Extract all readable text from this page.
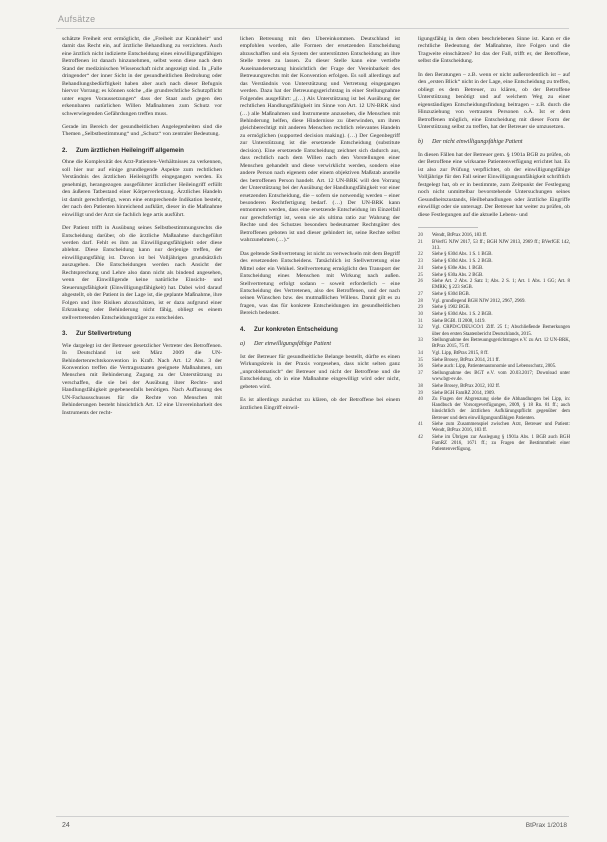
Aufsätze

schätzte Freiheit erst ermöglicht, die „Freiheit zur Krankheit“ und damit das Recht ein, auf ärztliche Behandlung zu verzichten. Auch eine ärztlich nicht indizierte Entscheidung eines einwilligungsfähigen Betroffenen ist danach hinzunehmen, selbst wenn diese nach dem Stand der medizinischen Wissenschaft nicht angezeigt sind. In „Falle dringender“ der inner Sicht in der gesundheitlichen Bedrohung oder Behandlungsbedürftigkeit haben aber auch nach dieser Befugnis hiervor Vorrang; es können solche „die grundrechtliche Schutzpflicht unter engen Voraussetzungen“ dass der Staat auch gegen den erkennbaren natürlichen Willen Maßnahmen zum Schutz vor schwerwiegenden Gefährdungen treffen muss.

Gerade im Bereich der gesundheitlichen Angelegenheiten sind die Themen „Selbstbestimmung“ und „Schutz“ von zentraler Bedeutung.

2. Zum ärztlichen Heileingriff allgemein

Ohne die Komplexität des Arzt-Patienten-Verhältnisses zu verkennen, soll hier nur auf einige grundlegende Aspekte zum rechtlichen Verständnis des ärztlichen Heileingriffs eingegangen werden. Es genehmigt, herangezogen ausgeführter ärztlicher Heileingriff erfüllt den äußeren Tatbestand einer Körperverletzung. Ärztliches Handeln ist damit gerechtfertigt, wenn eine entsprechende Indikation besteht, der nach den Patienten hinreichend aufklärt, dieser in die Maßnahme einwilligt und der Arzt sie fachlich lege artis ausführt.

Der Patient trifft in Ausübung seines Selbstbestimmungsrechts die Entscheidung darüber, ob die ärztliche Maßnahme durchgeführt werden darf. Fehlt es ihm an Einwilligungsfähigkeit oder diese ablehnt. Diese Entscheidung kann nur derjenige treffen, der einwilligungsfähig ist. Davon ist bei Volljährigen grundsätzlich auszugehen. Die Entscheidungen werden nach Ansicht der Rechtsprechung und Lehre also dann nicht als bindend angesehen, wenn der Einwilligende keine natürliche Einsicht- und Steuerungsfähigkeit (Einwilligungsfähigkeit) hat. Dabei wird darauf abgestellt, ob der Patient in der Lage ist, die geplante Maßnahme, ihre Folgen und ihre Risiken abzuschätzen, ist er dazu aufgrund einer Erkrankung oder Behinderung nicht fähig, obliegt es einem stellvertretenden Entscheidungsträger zu entscheiden.

3. Zur Stellvertretung

Wie dargelegt ist der Betreuer gesetzlicher Vertreter des Betroffenen. In Deutschland ist seit März 2009 die UN-Behindertenrechtskonvention in Kraft. Nach Art. 12 Abs. 3 der Konvention treffen die Vertragsstaaten geeignete Maßnahmen, um Menschen mit Behinderung Zugang zu der Unterstützung zu verschaffen, die sie bei der Ausübung ihrer Rechts- und Handlungsfähigkeit gegebenenfalls benötigen. Nach Auffassung des UN-Fachausschusses für die Rechte von Menschen mit Behinderungen besteht hinsichtlich Art. 12 eine Unvereinbarkeit des Instruments der recht-

lichen Betreuung mit den Übereinkommen. Deutschland ist empfohlen worden, alle Formen der ersetzenden Entscheidung abzuschaffen und ein System der unterstützten Entscheidung an ihre Stelle treten zu lassen. Zu dieser Stelle kann eine vertiefte Auseinandersetzung hinsichtlich der Frage der Vereinbarkeit des Betreuungsrechts mit der Konvention erfolgen. Es soll allerdings auf das Verständnis von Unterstützung und Vertretung eingegangen werden. Dazu hat der Betreuungsgerichtstag in einer Stellungnahme Folgendes ausgeführt: „(…) Als Unterstützung ist bei Ausübung der rechtlichen Handlungsfähigkeit im Sinne von Art. 12 UN-BRK sind (…) alle Maßnahmen und Instrumente anzusehen, die Menschen mit Behinderung helfen, diese Hindernisse zu überwinden, um ihren gleichberechtigt mit anderen Menschen rechtlich relevantes Handeln zu ermöglichen (supported decision making). (…) Der Gegenbegriff zur Unterstützung ist die ersetzende Entscheidung (substitute decision). Eine ersetzende Entscheidung zeichnet sich dadurch aus, dass rechtlich nach dem Willen nach den Vorstellungen einer Menschen gehandelt und diese verwirklicht werden, sondern eine andere Person nach eigenem oder einem objektiven Maßstab anstelle des betroffenen Person handelt. Art. 12 UN-BRK will den Vorrang der Unterstützung bei der Ausübung der Handlungsfähigkeit vor einer ersetzenden Entscheidung, die – sofern sie notwendig werden – einer besonderen Rechtfertigung bedarf. (…) Der UN-BRK kann entnommen werden, dass eine ersetzende Entscheidung im Einzelfall nur gerechtfertigt ist, wenn sie als ultima ratio zur Wahrung der Rechte und des Schutzes besonders bedeutsamer Rechtsgüter des Betroffenen geboten ist und dieser gehindert ist, seine Rechte selbst wahrzunehmen (…).“

Das geltende Stellvertretung ist nicht zu verwechseln mit dem Begriff des ersetzenden Entscheidens. Tatsächlich ist Stellvertretung eine Mittel oder ein Vehikel. Stellvertretung ermöglicht den Transport der Entscheidung eines Menschen mit Wirkung nach außen. Stellvertretung erfolgt sodann – soweit erforderlich – eine Entscheidung des Vertretenen, also des Betroffenen, und der nach seinen Wünschen bzw. des mutmaßlichen Willens. Damit gilt es zu fragen, was das für konkrete Entscheidungen im gesundheitlichen Bereich bedeutet.

4. Zur konkreten Entscheidung
a) Der einwilligungsfähige Patient

Ist der Betreuer für gesundheitliche Belange bestellt, dürfte es einen Wirkungskreis in der Praxis vorgesehen, dass nicht selten ganz „unproblematisch“ der Betreuer und nicht der Betroffene und die Entscheidung, ob in eine Maßnahme eingewilligt wird oder nicht, gebeten wird.

Es ist allerdings zunächst zu klären, ob der Betroffene bei einem ärztlichen Eingriff einwil-

ligungsfähig in dem oben beschriebenen Sinne ist. Kann er die rechtliche Bedeutung der Maßnahme, ihre Folgen und die Tragweite einschätzen? Ist das der Fall, trifft er, der Betroffene, selbst die Entscheidung.

In den Beratungen – z.B. wenn er nicht außerordentlich ist – auf den „ersten Blick“ nicht in der Lage, eine Entscheidung zu treffen, obliegt es dem Betreuer, zu klären, ob der Betroffene Unterstützung benötigt und auf welchem Weg zu einer eigenständigen Entscheidungsfindung beitragen – z.B. durch die Hinzuziehung von vertrauten Personen o.Ä. Ist er dem Betroffenen möglich, eine Entscheidung mit dieser Form der Unterstützung selbst zu treffen, hat der Betreuer sie umzusetzen.

b) Der nicht einwilligungsfähige Patient

In diesen Fällen hat der Betreuer gem. § 1901a BGB zu prüfen, ob der Betroffene eine wirksame Patientenverfügung errichtet hat. Es ist also zur Prüfung verpflichtet, ob der einwilligungsfähige Volljährige für den Fall seiner Einwilligungsunfähigkeit schriftlich festgelegt hat, ob er in bestimmte, zum Zeitpunkt der Festlegung noch nicht unmittelbar bevorstehende Untersuchungen seines Gesundheitszustands, Heilbehandlungen oder ärztliche Eingriffe einwilligt oder sie untersagt. Der Betreuer hat weiter zu prüfen, ob diese Festlegungen auf die aktuelle Lebens- und

20	Wendt, BtPrax 2016, 183 ff.
21	BVerfG NJW 2017, 53 ff.; BGH NJW 2013, 2969 ff.; BVerfGE 142, 313.
22	Siehe § 630d Abs. 1 S. 1 BGB.
23	Siehe § 630d Abs. 1 S. 2 BGB.
24	Siehe § 630e Abs. 1 BGB.
25	Siehe § 630a Abs. 2 BGB.
26	Siehe Art. 2 Abs. 2 Satz 1; Abs. 2 S. 1; Art. 1 Abs. 1 GG; Art. 8 EMRK; § 223 StGB.
27	Siehe § 630d BGB.
28	Vgl. grundlegend BGH NJW 2012, 2967, 2969.
29	Siehe § 1902 BGB.
30	Siehe § 630d Abs. 1 S. 2 BGB.
31	Siehe BGBl. II 2008, 1419.
32	Vgl. CRPD/C/DEU/CO/1 Ziff. 25 f.; Abschließende Bemerkungen über den ersten Staatenbericht Deutschlands, 2015.
33	Stellungnahme des Betreuungsgerichtstages e.V. zu Art. 12 UN-BRK, BtPrax 2015, 75 ff.
34	Vgl. Lipp, BtPrax 2015, 8 ff.
35	Siehe Brosey, BtPrax 2014, 211 ff.
36	Siehe auch: Lipp, Patientenautonomie und Lebensschutz, 2005.
37	Stellungnahme des BGT e.V. vom 20.03.2017; Download unter www.bgt-ev.de.
38	Siehe Brosey, BtPrax 2012, 102 ff.
39	Siehe BGH FamRZ 2014, 1909.
40	Zu Fragen der Abgrenzung siehe die Abhandlungen bei Lipp, in: Handbuch der Vorsorgeverfügungen, 2009, § 18 Rn. 81 ff.; auch hinsichtlich der ärztlichen Aufklärungspflicht gegenüber dem Betreuer und dem einwilligungsunfähigen Patienten.
41	Siehe zum Zusammenspiel zwischen Arzt, Betreuer und Patient: Wendt, BtPrax 2016, 183 ff.
42	Siehe im Übrigen zur Auslegung § 1901a Abs. 1 BGB auch BGH FamRZ 2016, 1671 ff.; zu Fragen der Bestimmtheit einer Patientenverfügung.
24	BtPrax 1/2018
